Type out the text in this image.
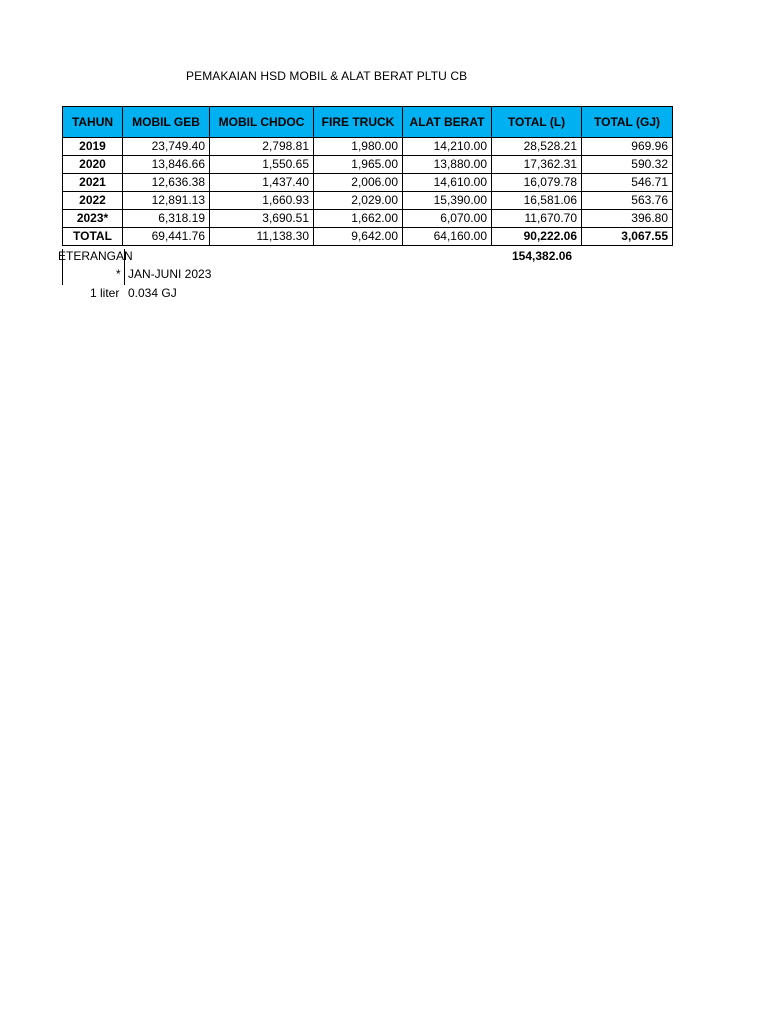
PEMAKAIAN HSD MOBIL & ALAT BERAT PLTU CB
TAHUN	MOBIL GEB	MOBIL CHDOC	FIRE TRUCK	ALAT BERAT	TOTAL (L)	TOTAL (GJ)
2019	23,749.40	2,798.81	1,980.00	14,210.00	28,528.21	969.96
2020	13,846.66	1,550.65	1,965.00	13,880.00	17,362.31	590.32
2021	12,636.38	1,437.40	2,006.00	14,610.00	16,079.78	546.71
2022	12,891.13	1,660.93	2,029.00	15,390.00	16,581.06	563.76
2023*	6,318.19	3,690.51	1,662.00	6,070.00	11,670.70	396.80
TOTAL	69,441.76	11,138.30	9,642.00	64,160.00	90,222.06	3,067.55
ETERANGAN	154,382.06
* JAN-JUNI 2023
1 liter 0.034 GJ
